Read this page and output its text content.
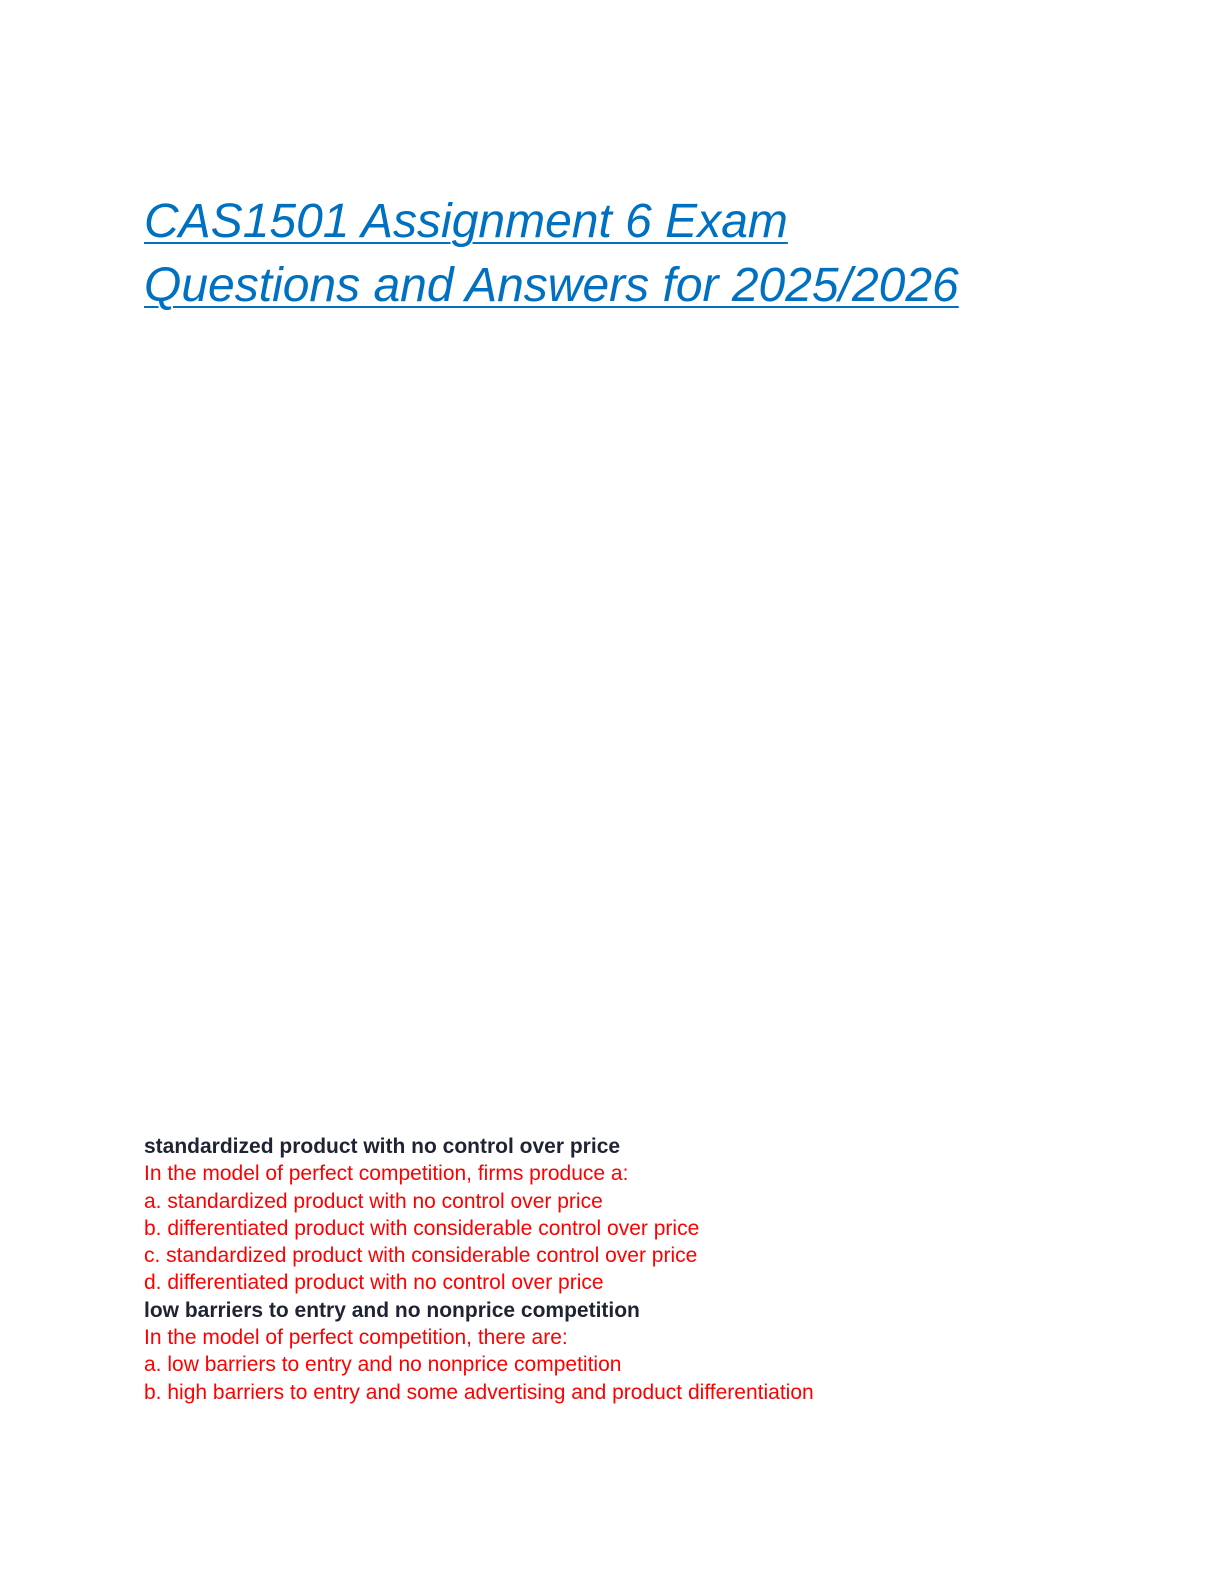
CAS1501 Assignment 6 Exam
Questions and Answers for 2025/2026
standardized product with no control over price
In the model of perfect competition, firms produce a:
a. standardized product with no control over price
b. differentiated product with considerable control over price
c. standardized product with considerable control over price
d. differentiated product with no control over price
low barriers to entry and no nonprice competition
In the model of perfect competition, there are:
a. low barriers to entry and no nonprice competition
b. high barriers to entry and some advertising and product differentiation
